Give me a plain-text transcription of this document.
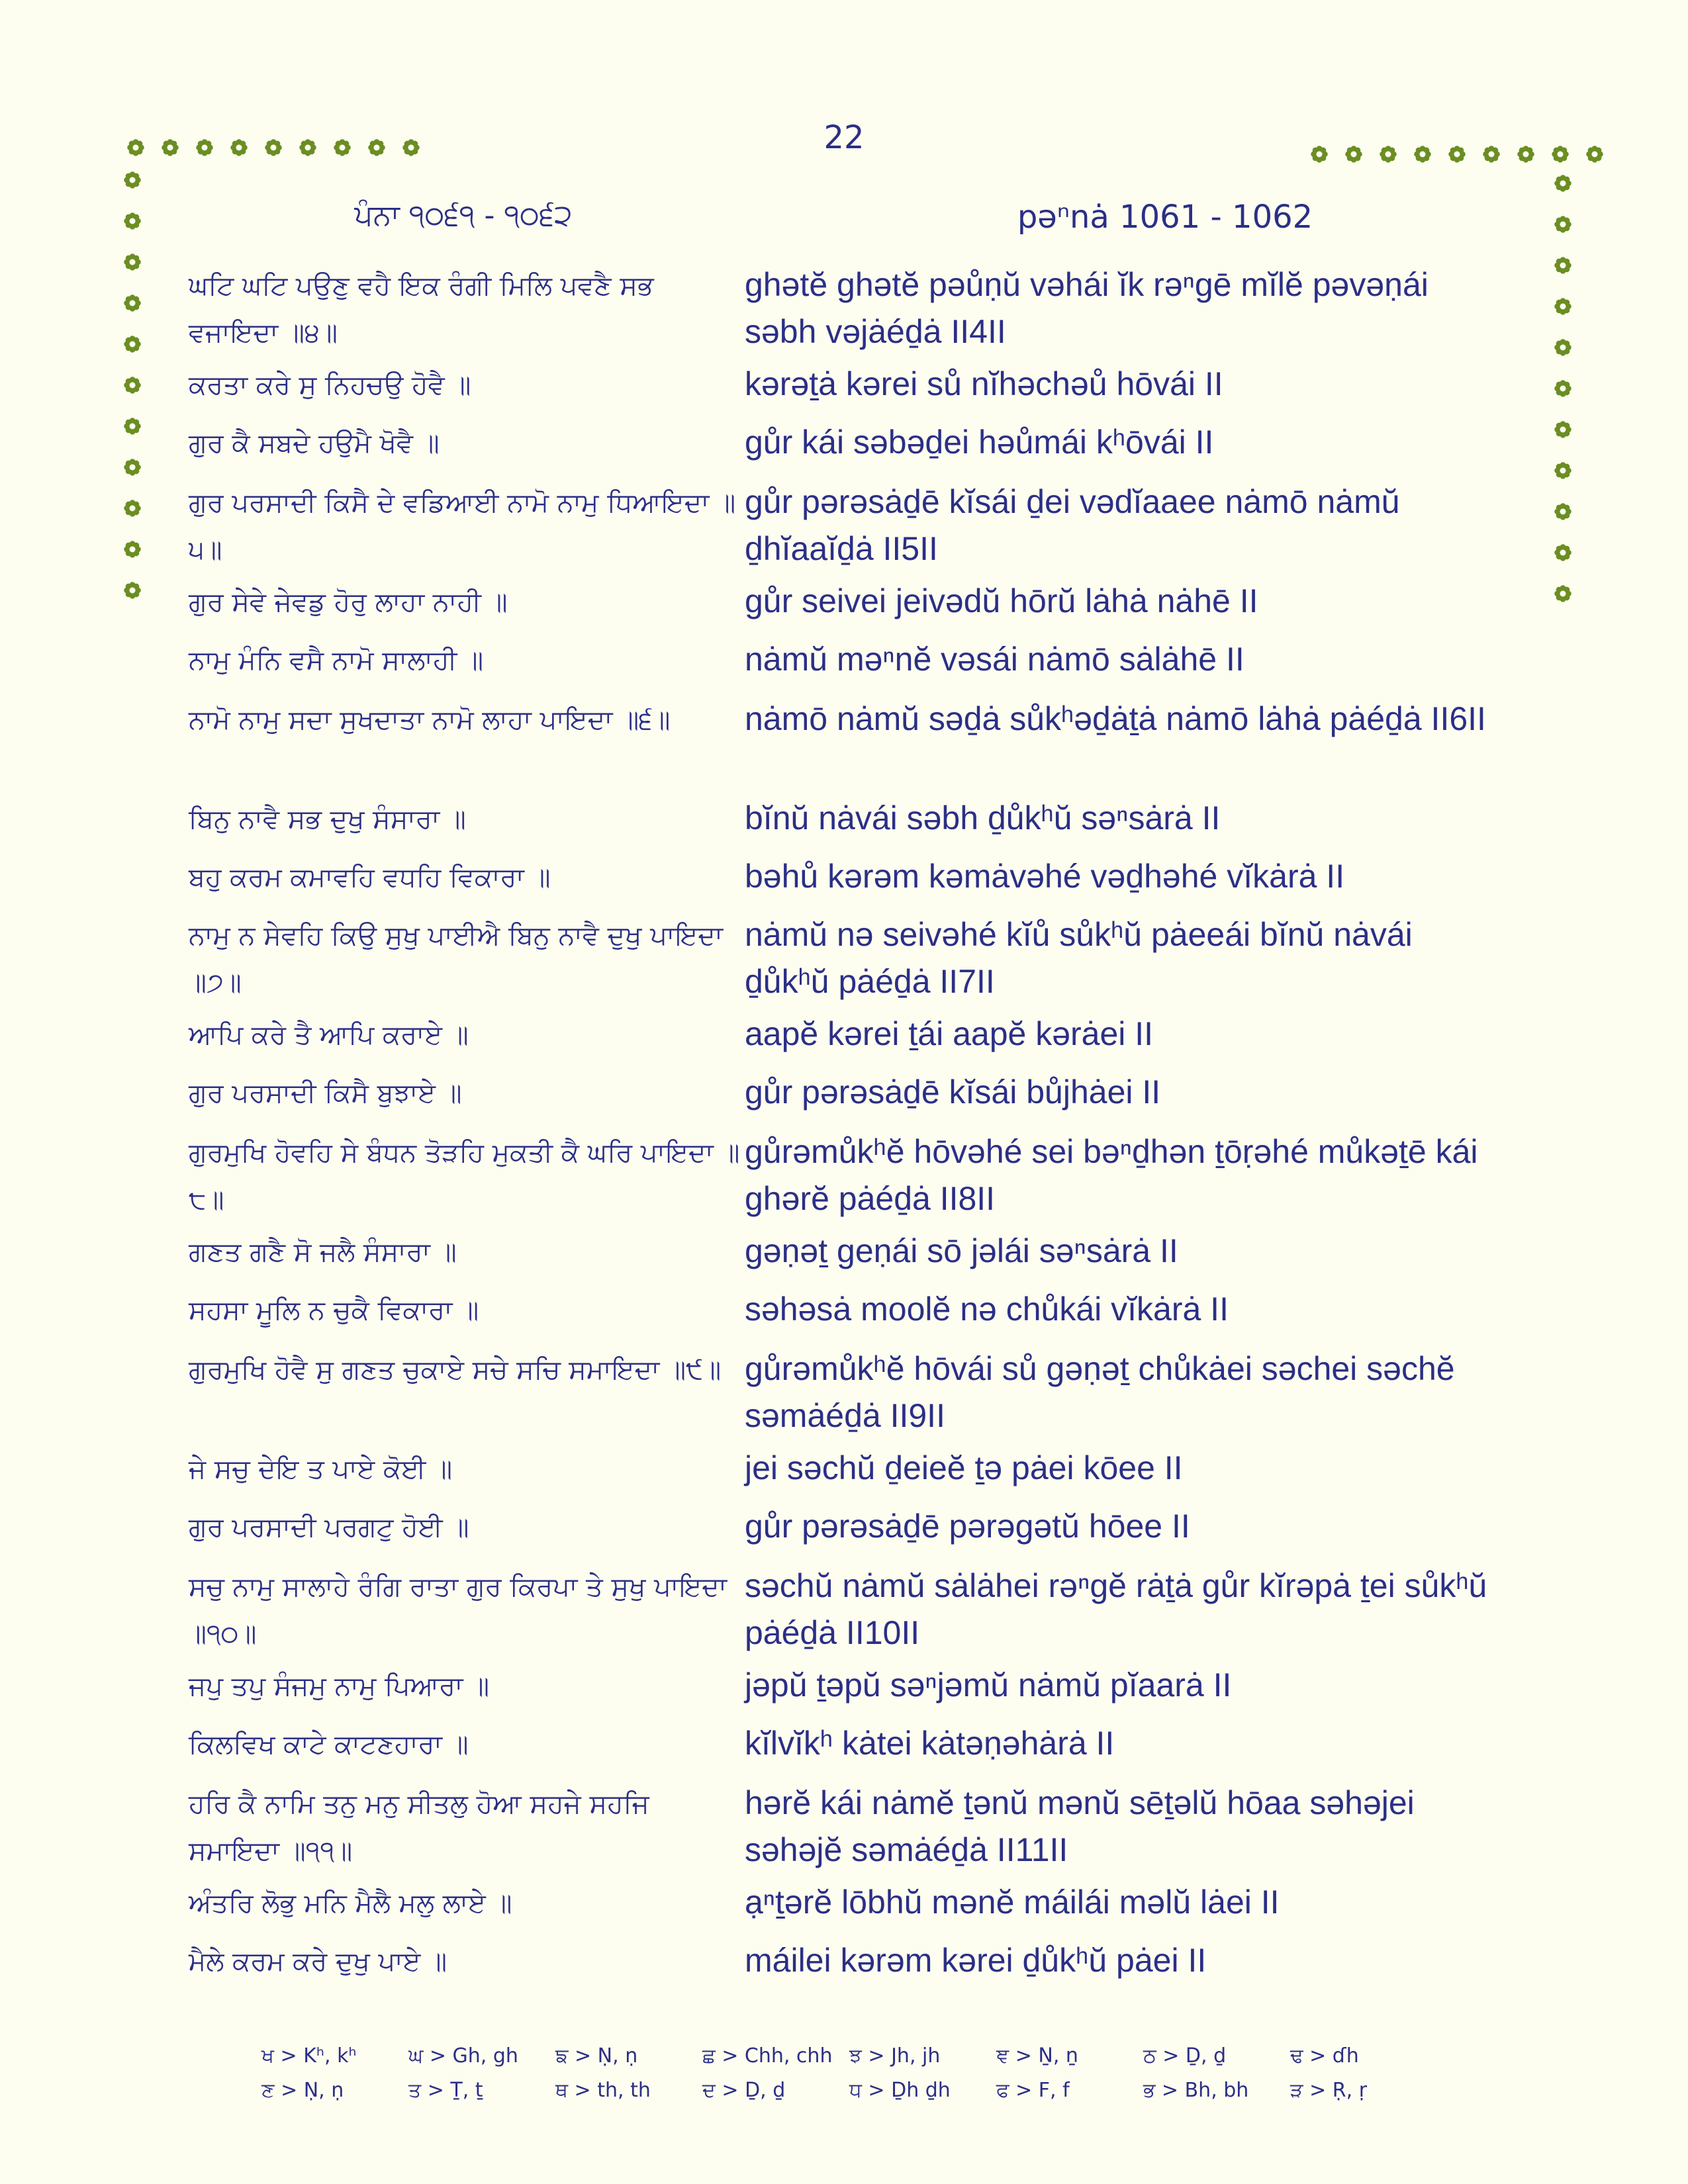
22
ਪੰਨਾ ੧੦੬੧ - ੧੦੬੨	pəⁿnȧ 1061 - 1062
ਘਟਿ ਘਟਿ ਪਉਣੁ ਵਹੈ ਇਕ ਰੰਗੀ ਮਿਲਿ ਪਵਣੈ ਸਭ ਵਜਾਇਦਾ ॥੪॥
ghətĕ ghətĕ pəůṇŭ vəhái ĭk rəⁿgē mĭlĕ pəvəṇái səbh vəjȧéḏȧ II4II
ਕਰਤਾ ਕਰੇ ਸੁ ਨਿਹਚਉ ਹੋਵੈ ॥	kərəṯȧ kərei sů nĭhəchəů hōvái II
ਗੁਰ ਕੈ ਸਬਦੇ ਹਉਮੈ ਖੋਵੈ ॥	gůr kái səbəḏei həůmái kʰōvái II
ਗੁਰ ਪਰਸਾਦੀ ਕਿਸੈ ਦੇ ਵਡਿਆਈ ਨਾਮੋ ਨਾਮੁ ਧਿਆਇਦਾ ॥੫॥
gůr pərəsȧḏē kĭsái ḏei vədĭaaee nȧmō nȧmŭ ḏhĭaaĭḏȧ II5II
ਗੁਰ ਸੇਵੇ ਜੇਵਡੁ ਹੋਰੁ ਲਾਹਾ ਨਾਹੀ ॥	gůr seivei jeivədŭ hōrŭ lȧhȧ nȧhē II
ਨਾਮੁ ਮੰਨਿ ਵਸੈ ਨਾਮੋ ਸਾਲਾਹੀ ॥	nȧmŭ məⁿnĕ vəsái nȧmō sȧlȧhē II
ਨਾਮੋ ਨਾਮੁ ਸਦਾ ਸੁਖਦਾਤਾ ਨਾਮੋ ਲਾਹਾ ਪਾਇਦਾ ॥੬॥	nȧmō nȧmŭ səḏȧ sůkʰəḏȧṯȧ nȧmō lȧhȧ pȧéḏȧ II6II
ਬਿਨੁ ਨਾਵੈ ਸਭ ਦੁਖੁ ਸੰਸਾਰਾ ॥	bĭnŭ nȧvái səbh ḏůkʰŭ səⁿsȧrȧ II
ਬਹੁ ਕਰਮ ਕਮਾਵਹਿ ਵਧਹਿ ਵਿਕਾਰਾ ॥	bəhů kərəm kəmȧvəhé vəḏhəhé vĭkȧrȧ II
ਨਾਮੁ ਨ ਸੇਵਹਿ ਕਿਉ ਸੁਖੁ ਪਾਈਐ ਬਿਨੁ ਨਾਵੈ ਦੁਖੁ ਪਾਇਦਾ ॥੭॥
nȧmŭ nə seivəhé kĭů sůkʰŭ pȧeeái bĭnŭ nȧvái ḏůkʰŭ pȧéḏȧ II7II
ਆਪਿ ਕਰੇ ਤੈ ਆਪਿ ਕਰਾਏ ॥	aapĕ kərei ṯái aapĕ kərȧei II
ਗੁਰ ਪਰਸਾਦੀ ਕਿਸੈ ਬੁਝਾਏ ॥	gůr pərəsȧḏē kĭsái bůjhȧei II
ਗੁਰਮੁਖਿ ਹੋਵਹਿ ਸੇ ਬੰਧਨ ਤੋੜਹਿ ਮੁਕਤੀ ਕੈ ਘਰਿ ਪਾਇਦਾ ॥੮॥
gůrəmůkʰĕ hōvəhé sei bəⁿḏhən ṯōṛəhé můkəṯē kái ghərĕ pȧéḏȧ II8II
ਗਣਤ ਗਣੈ ਸੋ ਜਲੈ ਸੰਸਾਰਾ ॥	gəṇəṯ geṇái sō jəlái səⁿsȧrȧ II
ਸਹਸਾ ਮੂਲਿ ਨ ਚੁਕੈ ਵਿਕਾਰਾ ॥	səhəsȧ moolĕ nə chůkái vĭkȧrȧ II
ਗੁਰਮੁਖਿ ਹੋਵੈ ਸੁ ਗਣਤ ਚੁਕਾਏ ਸਚੇ ਸਚਿ ਸਮਾਇਦਾ ॥੯॥ gůrəmůkʰĕ hōvái sů gəṇəṯ chůkȧei səchei səchĕ səmȧéḏȧ II9II
ਜੇ ਸਚੁ ਦੇਇ ਤ ਪਾਏ ਕੋਈ ॥	jei səchŭ ḏeieĕ ṯə pȧei kōee II
ਗੁਰ ਪਰਸਾਦੀ ਪਰਗਟੁ ਹੋਈ ॥	gůr pərəsȧḏē pərəgətŭ hōee II
ਸਚੁ ਨਾਮੁ ਸਾਲਾਹੇ ਰੰਗਿ ਰਾਤਾ ਗੁਰ ਕਿਰਪਾ ਤੇ ਸੁਖੁ ਪਾਇਦਾ ॥੧੦॥
səchŭ nȧmŭ sȧlȧhei rəⁿgĕ rȧṯȧ gůr kĭrəpȧ ṯei sůkʰŭ pȧéḏȧ II10II
ਜਪੁ ਤਪੁ ਸੰਜਮੁ ਨਾਮੁ ਪਿਆਰਾ ॥	jəpŭ ṯəpŭ səⁿjəmŭ nȧmŭ pĭaarȧ II
ਕਿਲਵਿਖ ਕਾਟੇ ਕਾਟਣਹਾਰਾ ॥	kĭlvĭkʰ kȧtei kȧtəṇəhȧrȧ II
ਹਰਿ ਕੈ ਨਾਮਿ ਤਨੁ ਮਨੁ ਸੀਤਲੁ ਹੋਆ ਸਹਜੇ ਸਹਜਿ ਸਮਾਇਦਾ ॥੧੧॥
hərĕ kái nȧmĕ ṯənŭ mənŭ sēṯəlŭ hōaa səhəjei səhəjĕ səmȧéḏȧ II11II
ਅੰਤਰਿ ਲੋਭੁ ਮਨਿ ਮੈਲੈ ਮਲੁ ਲਾਏ ॥	ạⁿṯərĕ lōbhŭ mənĕ máilái məlŭ lȧei II
ਮੈਲੇ ਕਰਮ ਕਰੇ ਦੁਖੁ ਪਾਏ ॥	máilei kərəm kərei ḏůkʰŭ pȧei II
ਖ > Kʰ, kʰ	ਘ > Gh, gh	ਙ > Ṇ, ṇ	ਛ > Chh, chh ਝ > Jh, jh	ਞ > Ṉ, ṉ	ਠ > Ḏ, ḏ	ਢ > ɗh
ਣ > Ṇ, ṇ	ਤ > Ṯ, ṯ	ਥ > th, th	ਦ > Ḏ, ḏ	ਧ > Ḏh ḏh	ਫ > F, f	ਭ > Bh, bh	ੜ > Ṛ, ṛ
